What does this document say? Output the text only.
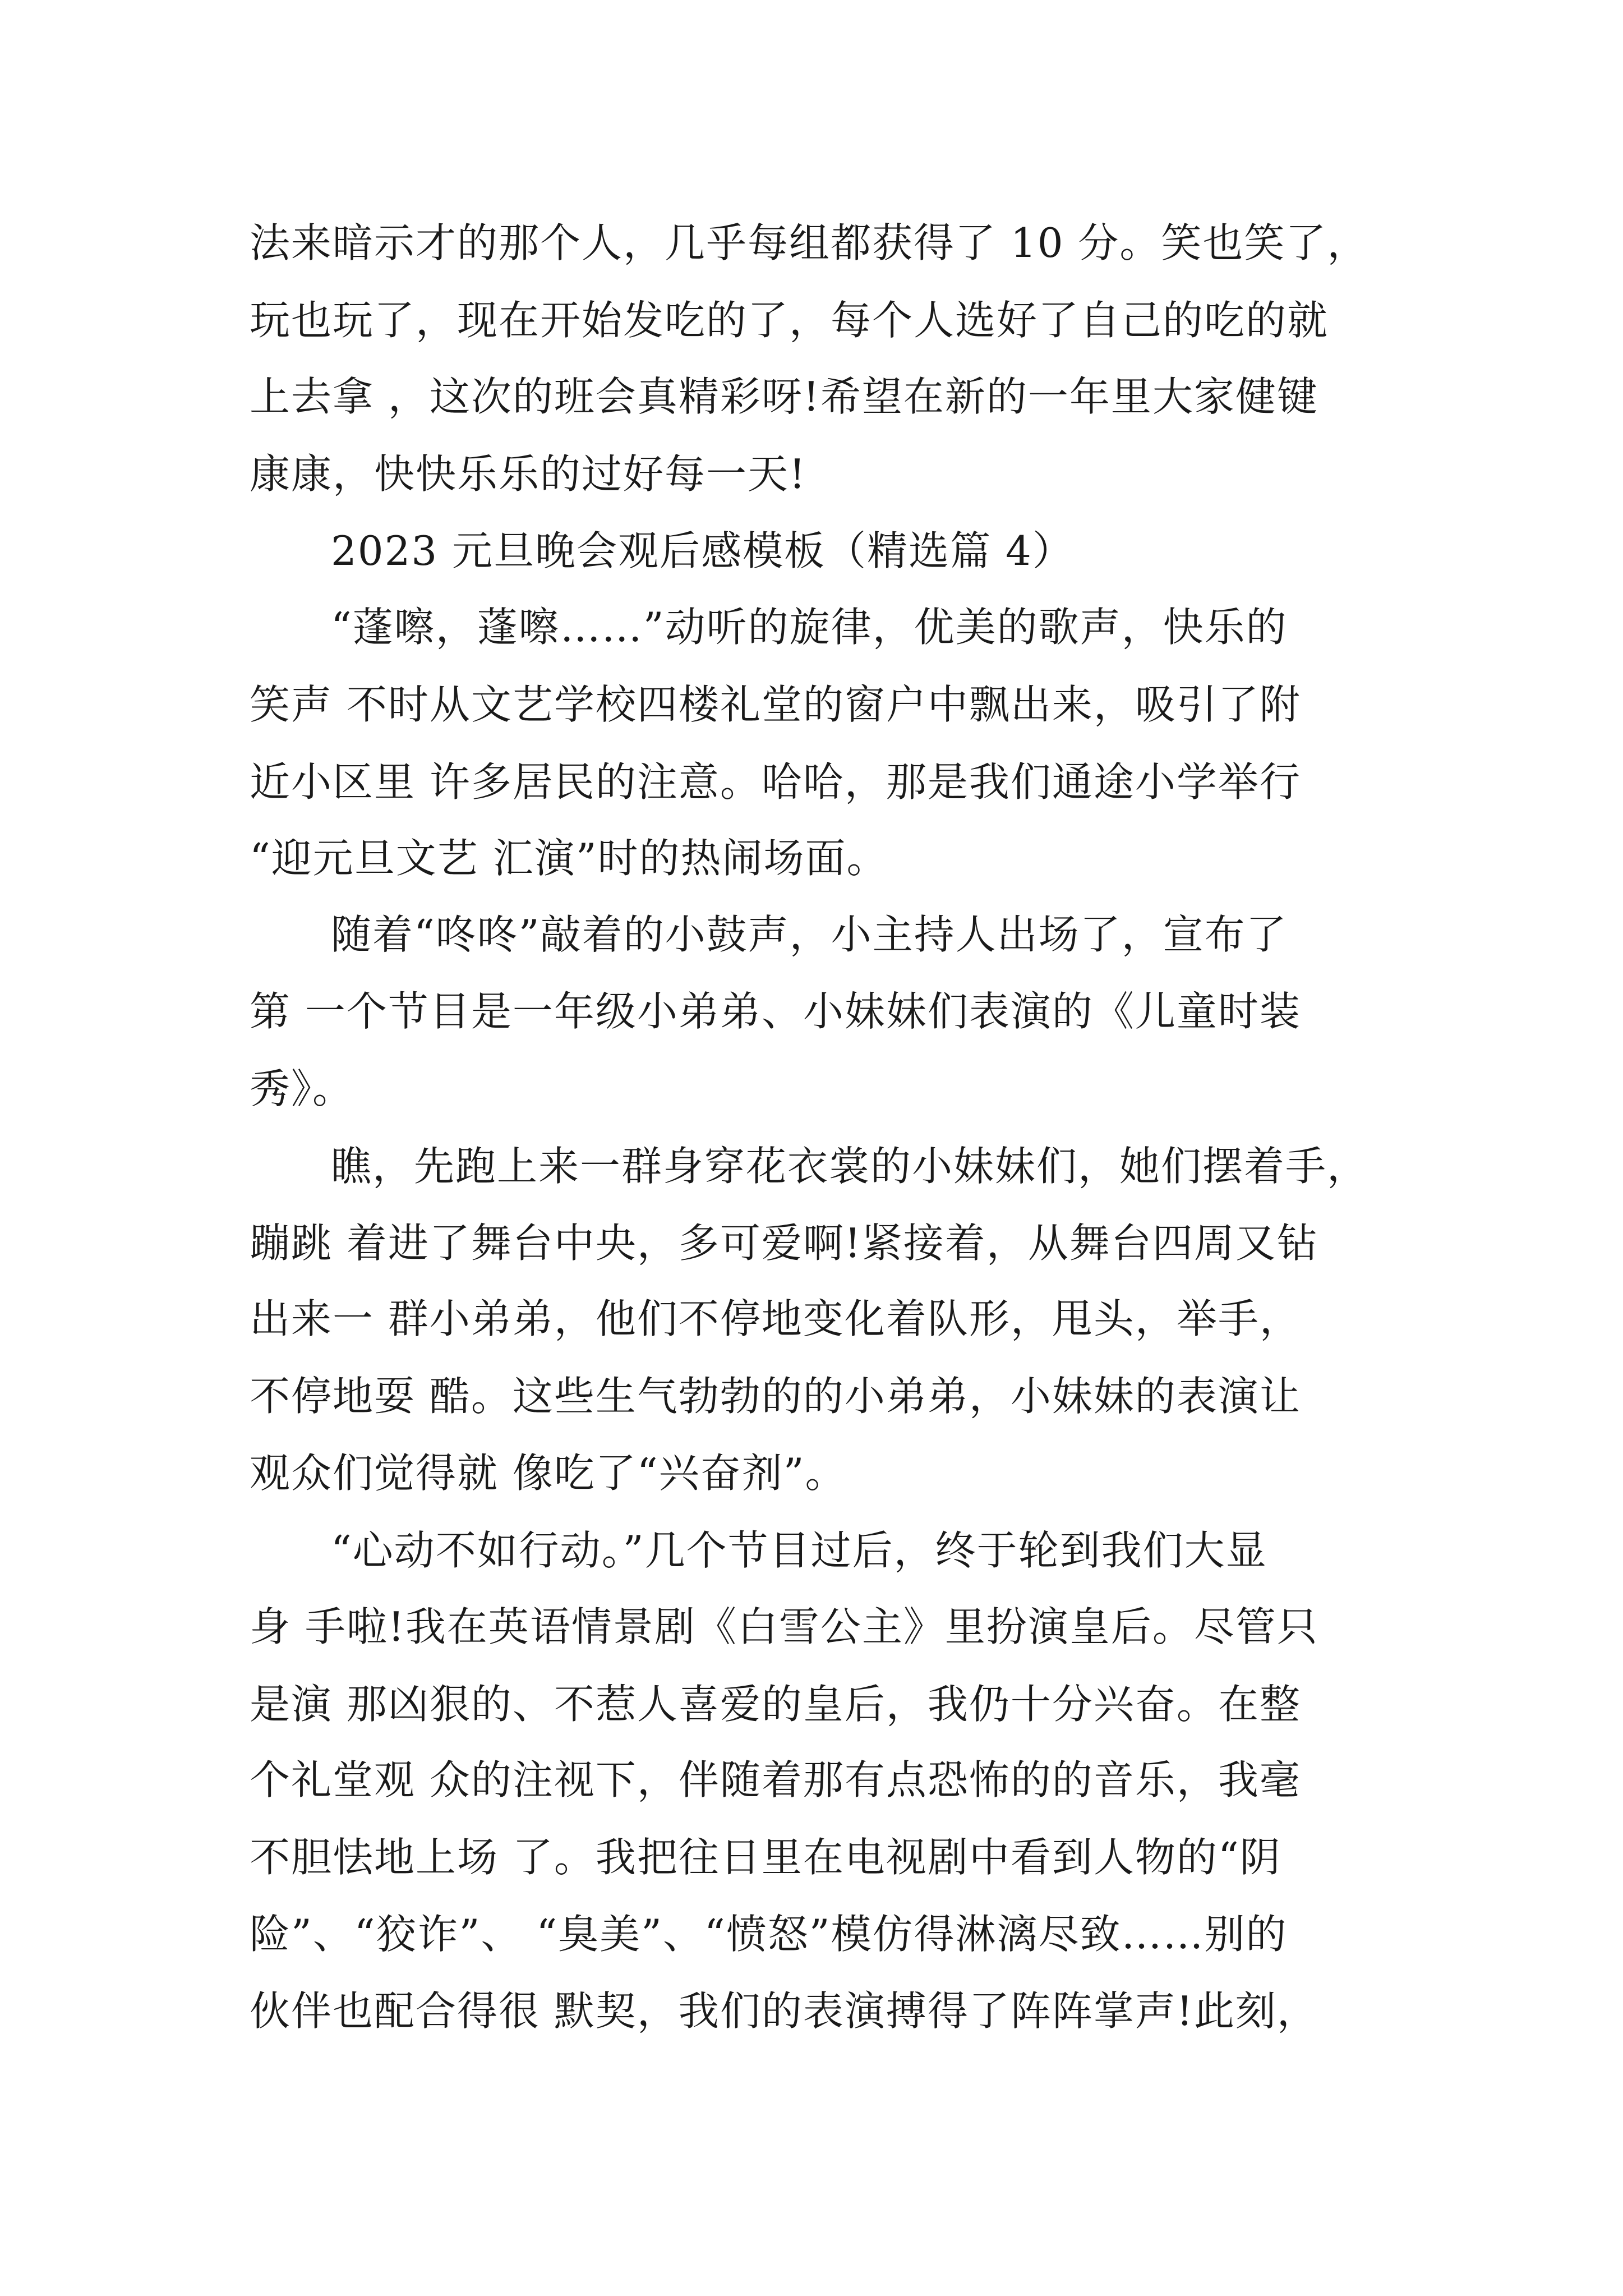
法来暗示才的那个人，几乎每组都获得了 10 分。笑也笑了，
玩也玩了，现在开始发吃的了，每个人选好了自己的吃的就
上去拿 ，这次的班会真精彩呀!希望在新的一年里大家健键
康康，快快乐乐的过好每一天!
2023 元旦晚会观后感模板（精选篇 4）
“蓬嚓，蓬嚓……”动听的旋律，优美的歌声，快乐的
笑声 不时从文艺学校四楼礼堂的窗户中飘出来，吸引了附
近小区里 许多居民的注意。哈哈，那是我们通途小学举行
“迎元旦文艺 汇演”时的热闹场面。
随着“咚咚”敲着的小鼓声，小主持人出场了，宣布了
第 一个节目是一年级小弟弟、小妹妹们表演的《儿童时装
秀》。
瞧，先跑上来一群身穿花衣裳的小妹妹们，她们摆着手，
蹦跳 着进了舞台中央，多可爱啊!紧接着，从舞台四周又钻
出来一 群小弟弟，他们不停地变化着队形，甩头，举手，
不停地耍 酷。这些生气勃勃的的小弟弟，小妹妹的表演让
观众们觉得就 像吃了“兴奋剂”。
“心动不如行动。”几个节目过后，终于轮到我们大显
身 手啦!我在英语情景剧《白雪公主》里扮演皇后。尽管只
是演 那凶狠的、不惹人喜爱的皇后，我仍十分兴奋。在整
个礼堂观 众的注视下，伴随着那有点恐怖的的音乐，我毫
不胆怯地上场 了。我把往日里在电视剧中看到人物的“阴
险”、“狡诈”、 “臭美”、“愤怒”模仿得淋漓尽致……别的
伙伴也配合得很 默契，我们的表演搏得了阵阵掌声!此刻，
